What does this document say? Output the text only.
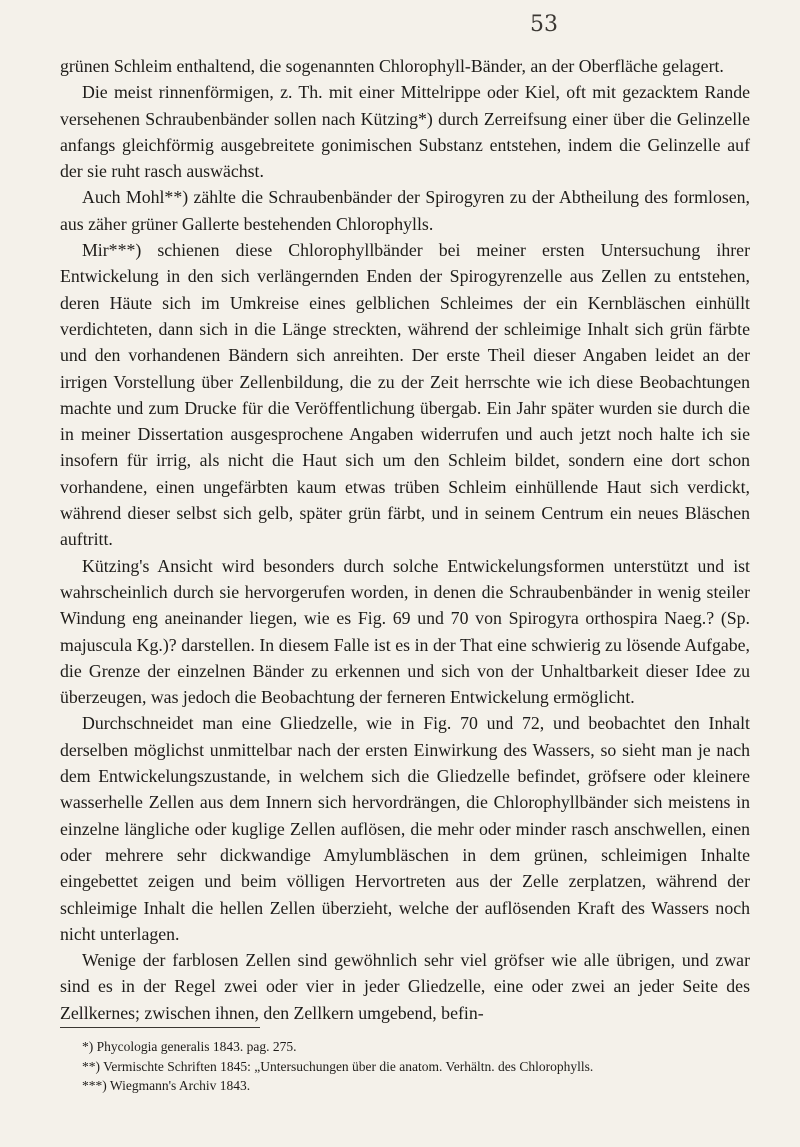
53

grünen Schleim enthaltend, die sogenannten Chlorophyll-Bänder, an der Oberfläche gelagert.

Die meist rinnenförmigen, z. Th. mit einer Mittelrippe oder Kiel, oft mit gezacktem Rande versehenen Schraubenbänder sollen nach Kützing*) durch Zerreifsung einer über die Gelinzelle anfangs gleichförmig ausgebreitete gonimischen Substanz entstehen, indem die Gelinzelle auf der sie ruht rasch auswächst.

Auch Mohl**) zählte die Schraubenbänder der Spirogyren zu der Abtheilung des formlosen, aus zäher grüner Gallerte bestehenden Chlorophylls.

Mir***) schienen diese Chlorophyllbänder bei meiner ersten Untersuchung ihrer Entwickelung in den sich verlängernden Enden der Spirogyrenzelle aus Zellen zu entstehen, deren Häute sich im Umkreise eines gelblichen Schleimes der ein Kernbläschen einhüllt verdichteten, dann sich in die Länge streckten, während der schleimige Inhalt sich grün färbte und den vorhandenen Bändern sich anreihten. Der erste Theil dieser Angaben leidet an der irrigen Vorstellung über Zellenbildung, die zu der Zeit herrschte wie ich diese Beobachtungen machte und zum Drucke für die Veröffentlichung übergab. Ein Jahr später wurden sie durch die in meiner Dissertation ausgesprochene Angaben widerrufen und auch jetzt noch halte ich sie insofern für irrig, als nicht die Haut sich um den Schleim bildet, sondern eine dort schon vorhandene, einen ungefärbten kaum etwas trüben Schleim einhüllende Haut sich verdickt, während dieser selbst sich gelb, später grün färbt, und in seinem Centrum ein neues Bläschen auftritt.

Kützing's Ansicht wird besonders durch solche Entwickelungsformen unterstützt und ist wahrscheinlich durch sie hervorgerufen worden, in denen die Schraubenbänder in wenig steiler Windung eng aneinander liegen, wie es Fig. 69 und 70 von Spirogyra orthospira Naeg.? (Sp. majuscula Kg.)? darstellen. In diesem Falle ist es in der That eine schwierig zu lösende Aufgabe, die Grenze der einzelnen Bänder zu erkennen und sich von der Unhaltbarkeit dieser Idee zu überzeugen, was jedoch die Beobachtung der ferneren Entwickelung ermöglicht.

Durchschneidet man eine Gliedzelle, wie in Fig. 70 und 72, und beobachtet den Inhalt derselben möglichst unmittelbar nach der ersten Einwirkung des Wassers, so sieht man je nach dem Entwickelungszustande, in welchem sich die Gliedzelle befindet, gröfsere oder kleinere wasserhelle Zellen aus dem Innern sich hervordrängen, die Chlorophyllbänder sich meistens in einzelne längliche oder kuglige Zellen auflösen, die mehr oder minder rasch anschwellen, einen oder mehrere sehr dickwandige Amylumbläschen in dem grünen, schleimigen Inhalte eingebettet zeigen und beim völligen Hervortreten aus der Zelle zerplatzen, während der schleimige Inhalt die hellen Zellen überzieht, welche der auflösenden Kraft des Wassers noch nicht unterlagen.

Wenige der farblosen Zellen sind gewöhnlich sehr viel gröfser wie alle übrigen, und zwar sind es in der Regel zwei oder vier in jeder Gliedzelle, eine oder zwei an jeder Seite des Zellkernes; zwischen ihnen, den Zellkern umgebend, befin-

*) Phycologia generalis 1843. pag. 275.
**) Vermischte Schriften 1845: „Untersuchungen über die anatom. Verhältn. des Chlorophylls.
***) Wiegmann's Archiv 1843.
